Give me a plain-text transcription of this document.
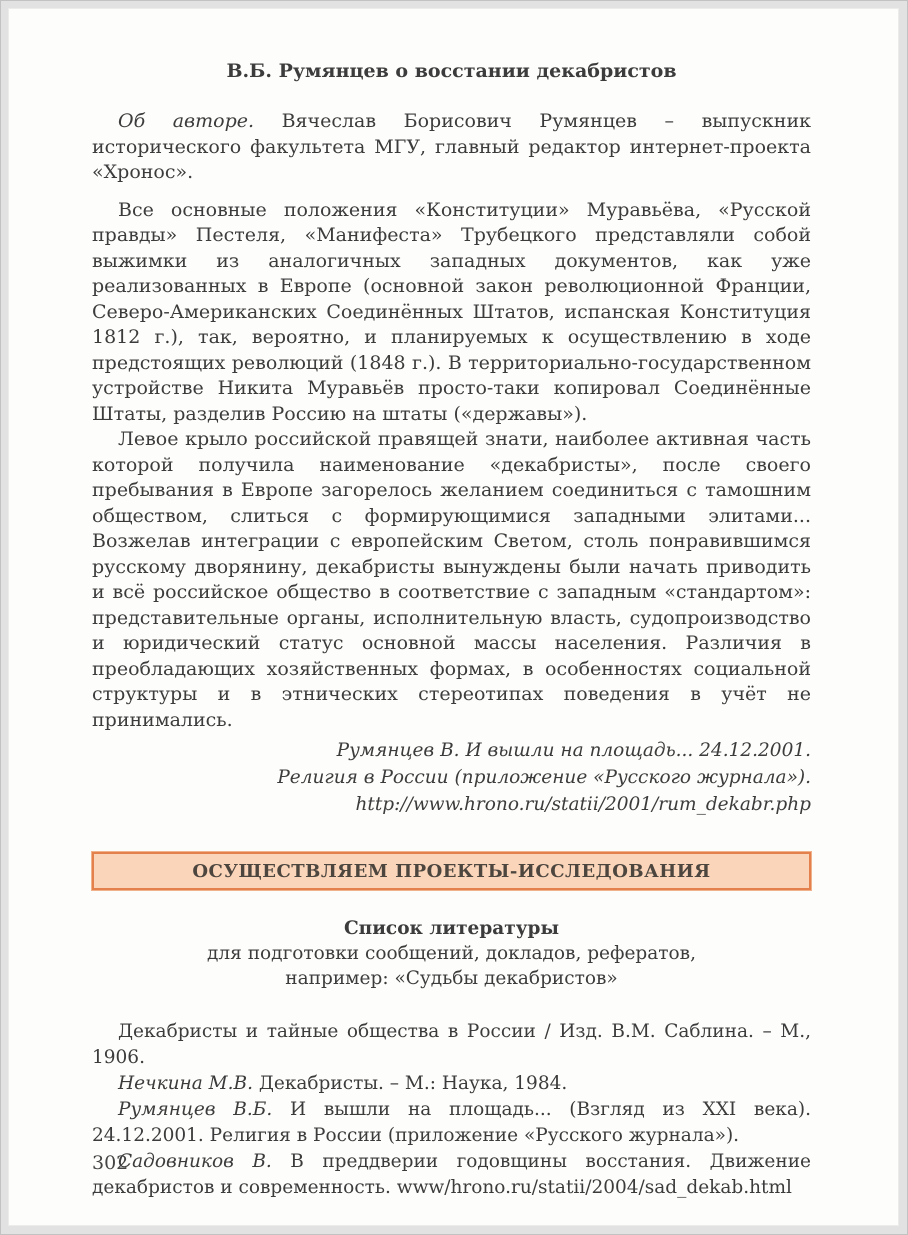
В.Б. Румянцев о восстании декабристов

Об авторе. Вячеслав Борисович Румянцев – выпускник исторического факультета МГУ, главный редактор интернет-проекта «Хронос».

Все основные положения «Конституции» Муравьёва, «Русской правды» Пестеля, «Манифеста» Трубецкого представляли собой выжимки из аналогичных западных документов, как уже реализованных в Европе (основной закон революционной Франции, Северо-Американских Соединённых Штатов, испанская Конституция 1812 г.), так, вероятно, и планируемых к осуществлению в ходе предстоящих революций (1848 г.). В территориально-государственном устройстве Никита Муравьёв просто-таки копировал Соединённые Штаты, разделив Россию на штаты («державы»).

Левое крыло российской правящей знати, наиболее активная часть которой получила наименование «декабристы», после своего пребывания в Европе загорелось желанием соединиться с тамошним обществом, слиться с формирующимися западными элитами... Возжелав интеграции с европейским Светом, столь понравившимся русскому дворянину, декабристы вынуждены были начать приводить и всё российское общество в соответствие с западным «стандартом»: представительные органы, исполнительную власть, судопроизводство и юридический статус основной массы населения. Различия в преобладающих хозяйственных формах, в особенностях социальной структуры и в этнических стереотипах поведения в учёт не принимались.

Румянцев В. И вышли на площадь... 24.12.2001.
Религия в России (приложение «Русского журнала»).
http://www.hrono.ru/statii/2001/rum_dekabr.php
ОСУЩЕСТВЛЯЕМ ПРОЕКТЫ-ИССЛЕДОВАНИЯ
Список литературы
для подготовки сообщений, докладов, рефератов,
например: «Судьбы декабристов»

Декабристы и тайные общества в России / Изд. В.М. Саблина. – М., 1906.

Нечкина М.В. Декабристы. – М.: Наука, 1984.

Румянцев В.Б. И вышли на площадь... (Взгляд из XXI века). 24.12.2001. Религия в России (приложение «Русского журнала»).

Садовников В. В преддверии годовщины восстания. Движение декабристов и современность. www/hrono.ru/statii/2004/sad_dekab.html

302
